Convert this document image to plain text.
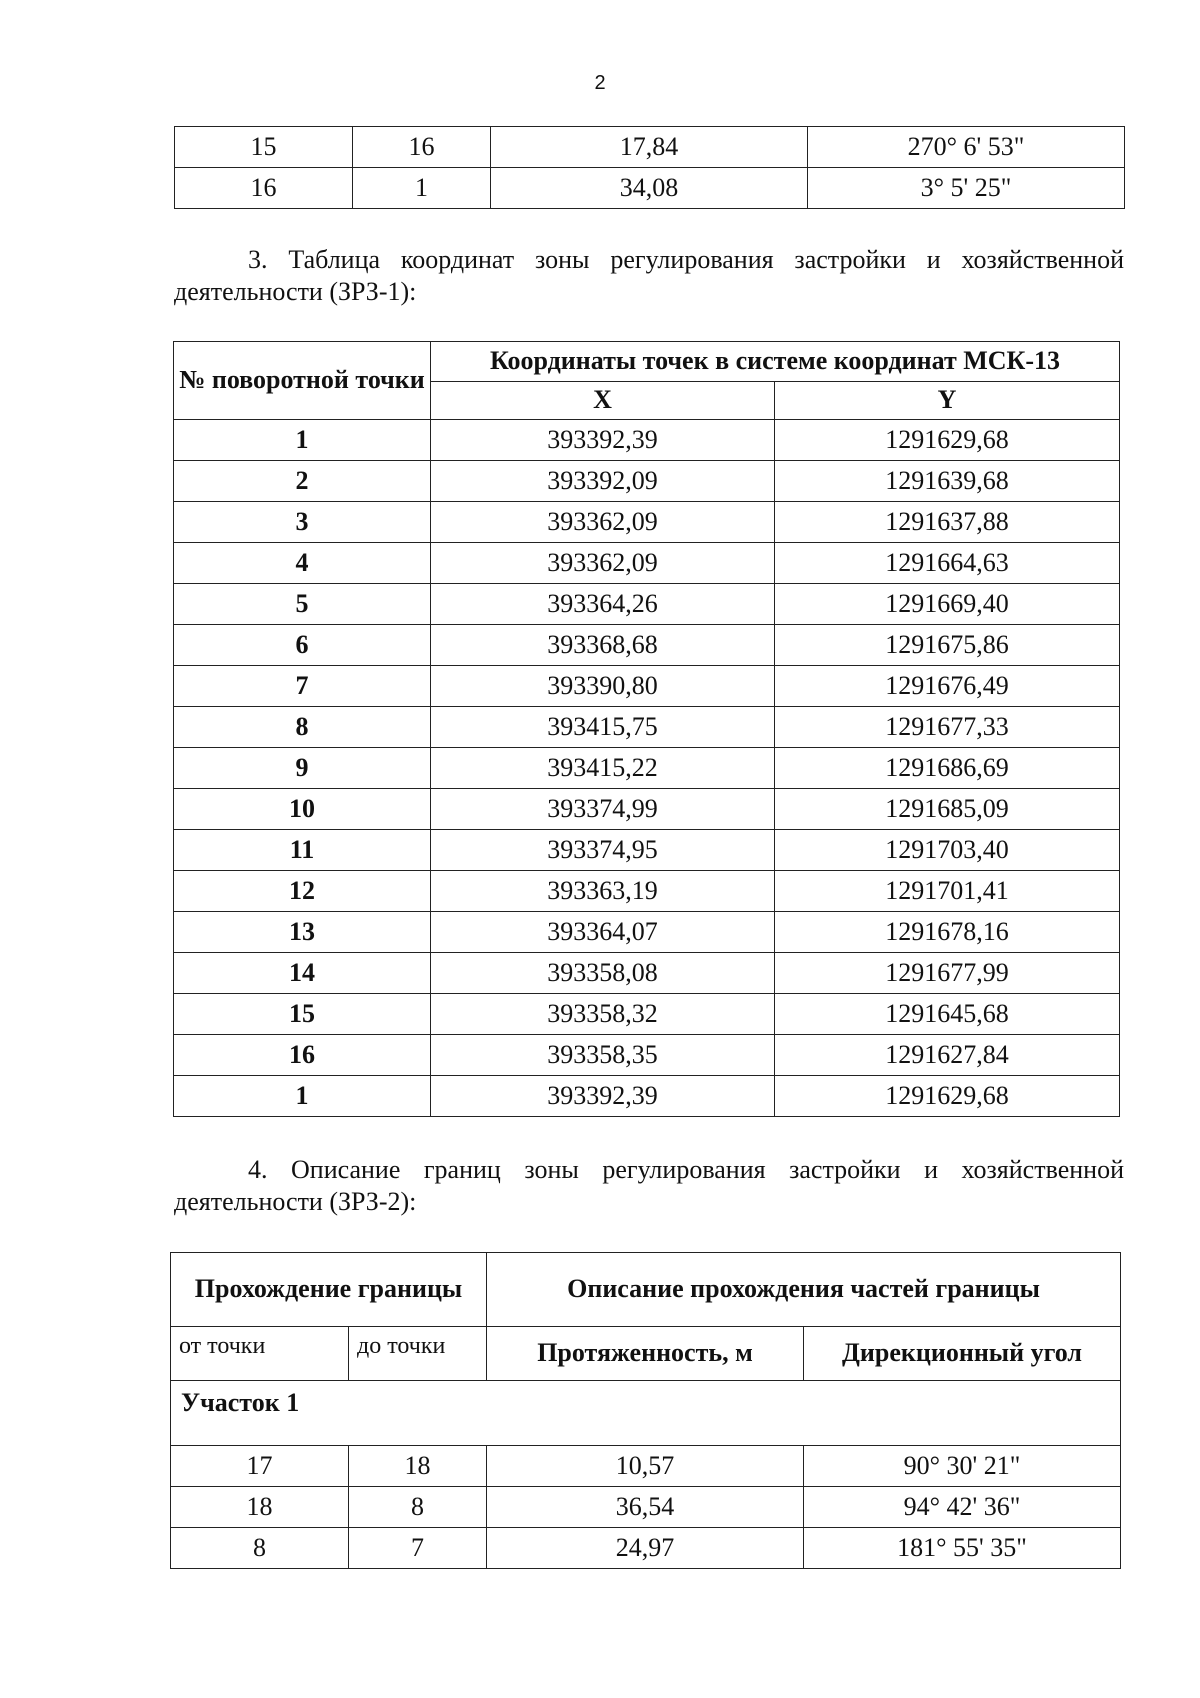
2
15	16	17,84	270° 6' 53"
16	1	34,08	3° 5' 25"
3. Таблица координат зоны регулирования застройки и хозяйственной деятельности (ЗРЗ-1):
№ поворотной точки	Координаты точек в системе координат МСК-13	
	X	Y
1	393392,39	1291629,68
2	393392,09	1291639,68
3	393362,09	1291637,88
4	393362,09	1291664,63
5	393364,26	1291669,40
6	393368,68	1291675,86
7	393390,80	1291676,49
8	393415,75	1291677,33
9	393415,22	1291686,69
10	393374,99	1291685,09
11	393374,95	1291703,40
12	393363,19	1291701,41
13	393364,07	1291678,16
14	393358,08	1291677,99
15	393358,32	1291645,68
16	393358,35	1291627,84
1	393392,39	1291629,68
4. Описание границ зоны регулирования застройки и хозяйственной деятельности (ЗРЗ-2):
Прохождение границы		Описание прохождения частей границы	
от точки	до точки	Протяженность, м	Дирекционный угол
Участок 1			
17	18	10,57	90° 30' 21"
18	8	36,54	94° 42' 36"
8	7	24,97	181° 55' 35"
